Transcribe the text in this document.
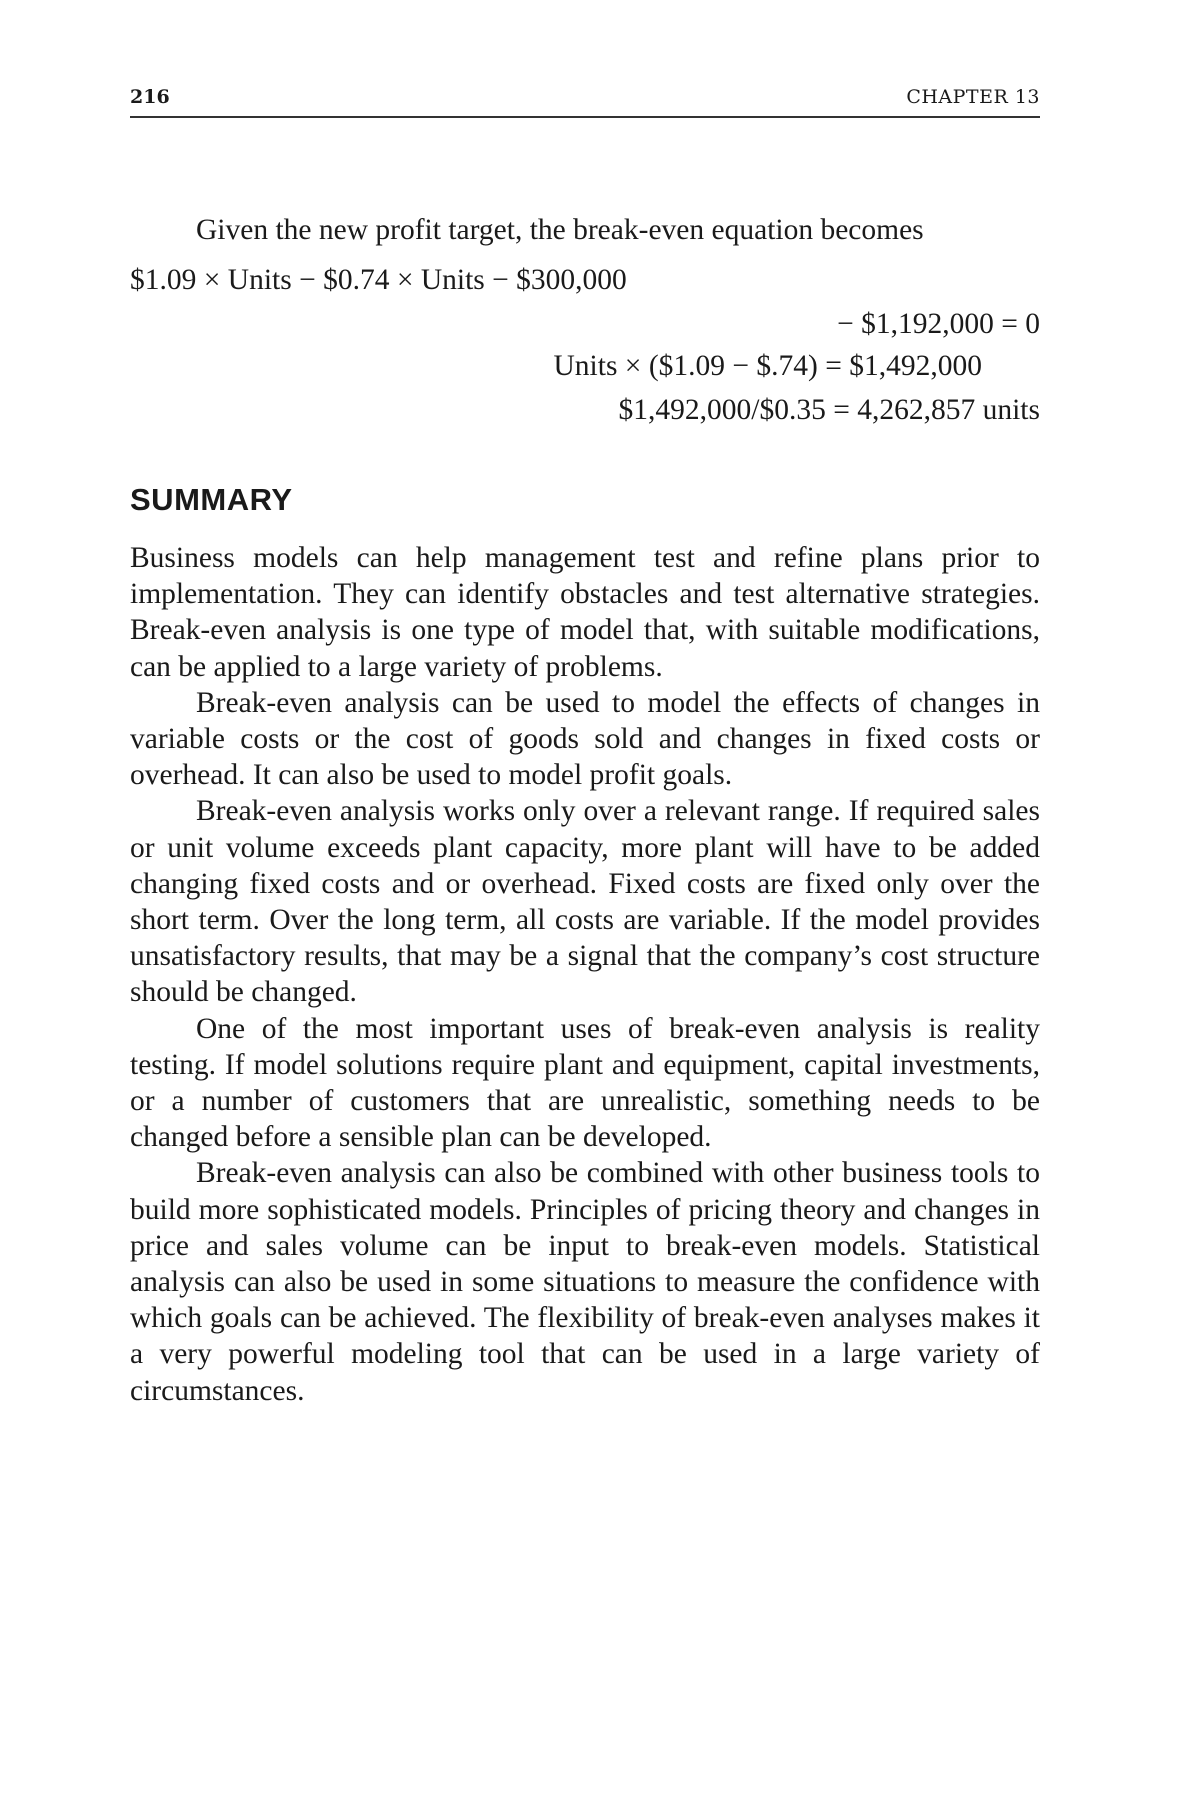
216	CHAPTER 13
Given the new profit target, the break-even equation becomes
$1.09 × Units − $0.74 × Units − $300,000
− $1,192,000 = 0
Units × ($1.09 − $.74) = $1,492,000
$1,492,000/$0.35 = 4,262,857 units
SUMMARY

Business models can help management test and refine plans prior to implementation. They can identify obstacles and test alternative strategies. Break-even analysis is one type of model that, with suitable modifications, can be applied to a large variety of problems.

Break-even analysis can be used to model the effects of changes in variable costs or the cost of goods sold and changes in fixed costs or overhead. It can also be used to model profit goals.

Break-even analysis works only over a relevant range. If required sales or unit volume exceeds plant capacity, more plant will have to be added changing fixed costs and or overhead. Fixed costs are fixed only over the short term. Over the long term, all costs are variable. If the model provides unsatisfactory results, that may be a signal that the company’s cost structure should be changed.

One of the most important uses of break-even analysis is reality testing. If model solutions require plant and equipment, capital investments, or a number of customers that are unrealistic, something needs to be changed before a sensible plan can be developed.

Break-even analysis can also be combined with other business tools to build more sophisticated models. Principles of pricing theory and changes in price and sales volume can be input to break-even models. Statistical analysis can also be used in some situations to measure the confidence with which goals can be achieved. The flexibility of break-even analyses makes it a very powerful modeling tool that can be used in a large variety of circumstances.
